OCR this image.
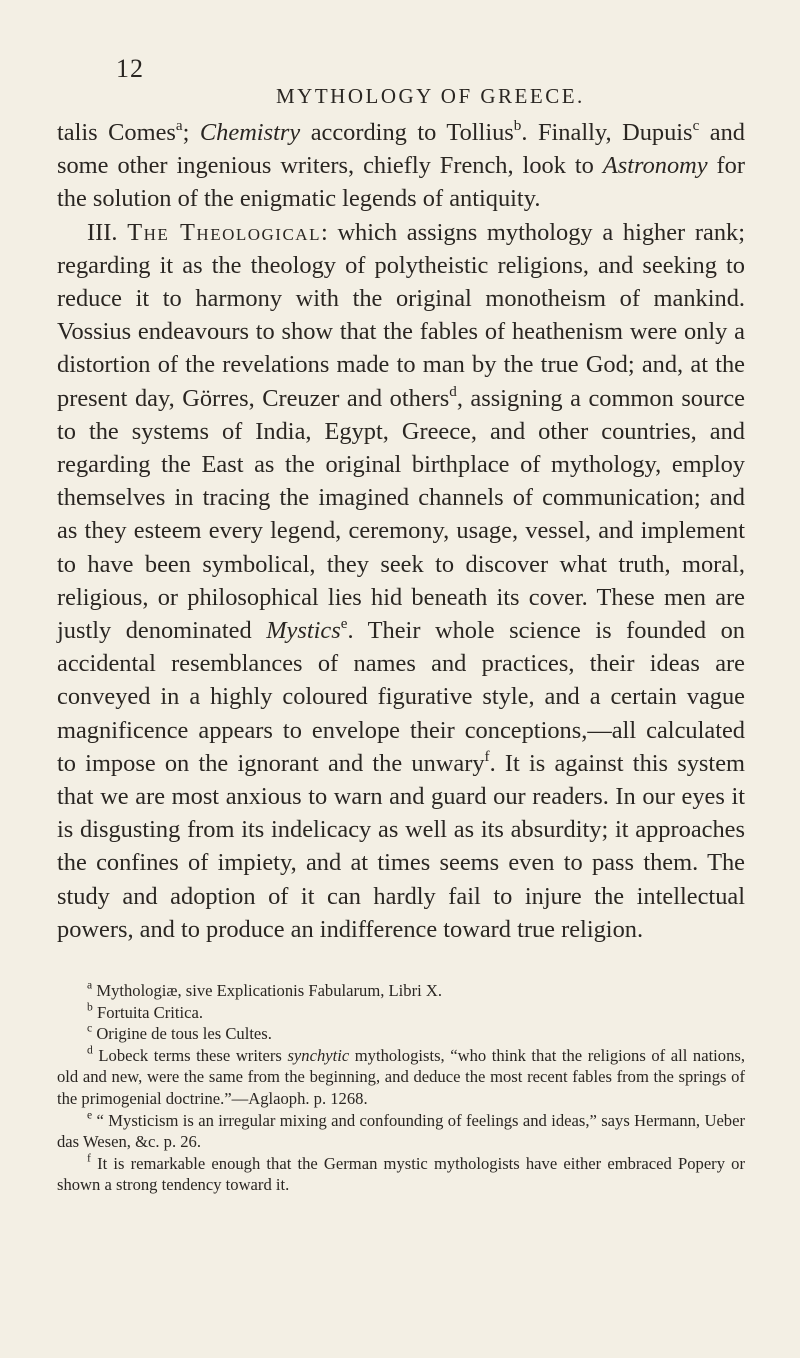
12
MYTHOLOGY OF GREECE.

talis Comes$^a$; Chemistry according to Tollius$^b$. Finally, Dupuis$^c$ and some other ingenious writers, chiefly French, look to Astronomy for the solution of the enigmatic legends of antiquity.

III. The Theological: which assigns mythology a higher rank; regarding it as the theology of polytheistic religions, and seeking to reduce it to harmony with the original monotheism of mankind. Vossius endeavours to show that the fables of heathenism were only a distortion of the revelations made to man by the true God; and, at the present day, Görres, Creuzer and others$^d$, assigning a common source to the systems of India, Egypt, Greece, and other countries, and regarding the East as the original birthplace of mythology, employ themselves in tracing the imagined channels of communication; and as they esteem every legend, ceremony, usage, vessel, and implement to have been symbolical, they seek to discover what truth, moral, religious, or philosophical lies hid beneath its cover. These men are justly denominated Mystics$^e$. Their whole science is founded on accidental resemblances of names and practices, their ideas are conveyed in a highly coloured figurative style, and a certain vague magnificence appears to envelope their conceptions,—all calculated to impose on the ignorant and the unwary$^f$. It is against this system that we are most anxious to warn and guard our readers. In our eyes it is disgusting from its indelicacy as well as its absurdity; it approaches the confines of impiety, and at times seems even to pass them. The study and adoption of it can hardly fail to injure the intellectual powers, and to produce an indifference toward true religion.

$^a$ Mythologiæ, sive Explicationis Fabularum, Libri X.

$^b$ Fortuita Critica.

$^c$ Origine de tous les Cultes.

$^d$ Lobeck terms these writers synchytic mythologists, “who think that the religions of all nations, old and new, were the same from the beginning, and deduce the most recent fables from the springs of the primogenial doctrine.”—Aglaoph. p. 1268.

$^e$ “ Mysticism is an irregular mixing and confounding of feelings and ideas,” says Hermann, Ueber das Wesen, &c. p. 26.

$^f$ It is remarkable enough that the German mystic mythologists have either embraced Popery or shown a strong tendency toward it.
